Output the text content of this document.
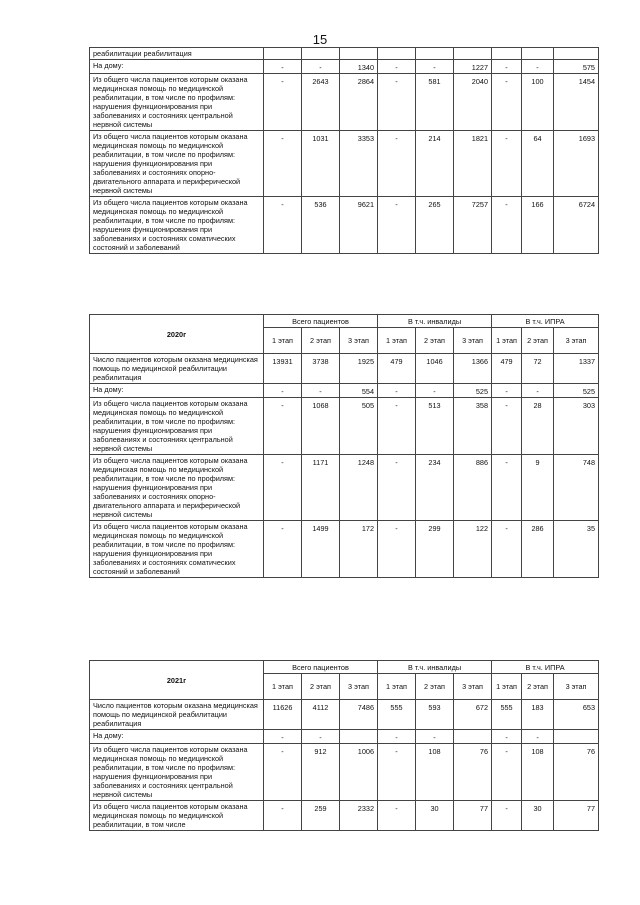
15
реабилитации реабилитация									
На дому:	-	-	1340	-	-	1227	-	-	575
Из общего числа пациентов которым оказана медицинская помощь по медицинской реабилитации, в том числе по профилям: нарушения функционирования при заболеваниях и состояниях центральной нервной системы	-	2643	2864	-	581	2040	-	100	1454
Из общего числа пациентов которым оказана медицинская помощь по медицинской реабилитации, в том числе по профилям: нарушения функционирования при заболеваниях и состояниях опорно-двигательного аппарата и периферической нервной системы	-	1031	3353	-	214	1821	-	64	1693
Из общего числа пациентов которым оказана медицинская помощь по медицинской реабилитации, в том числе по профилям: нарушения функционирования при заболеваниях и состояниях соматических состояний и заболеваний	-	536	9621	-	265	7257	-	166	6724
2020г	Всего пациентов			В т.ч. инвалиды			В т.ч. ИПРА		
	1 этап	2 этап	3 этап	1 этап	2 этап	3 этап	1 этап	2 этап	3 этап
Число пациентов которым оказана медицинская помощь по медицинской реабилитации реабилитация	13931	3738	1925	479	1046	1366	479	72	1337
На дому:	-	-	554	-	-	525	-	-	525
Из общего числа пациентов которым оказана медицинская помощь по медицинской реабилитации, в том числе по профилям: нарушения функционирования при заболеваниях и состояниях центральной нервной системы	-	1068	505	-	513	358	-	28	303
Из общего числа пациентов которым оказана медицинская помощь по медицинской реабилитации, в том числе по профилям: нарушения функционирования при заболеваниях и состояниях опорно-двигательного аппарата и периферической нервной системы	-	1171	1248	-	234	886	-	9	748
Из общего числа пациентов которым оказана медицинская помощь по медицинской реабилитации, в том числе по профилям: нарушения функционирования при заболеваниях и состояниях соматических состояний и заболеваний	-	1499	172	-	299	122	-	286	35
2021г	Всего пациентов			В т.ч. инвалиды			В т.ч. ИПРА		
	1 этап	2 этап	3 этап	1 этап	2 этап	3 этап	1 этап	2 этап	3 этап
Число пациентов которым оказана медицинская помощь по медицинской реабилитации реабилитация	11626	4112	7486	555	593	672	555	183	653
На дому:	-	-		-	-		-	-	
Из общего числа пациентов которым оказана медицинская помощь по медицинской реабилитации, в том числе по профилям: нарушения функционирования при заболеваниях и состояниях центральной нервной системы	-	912	1006	-	108	76	-	108	76
Из общего числа пациентов которым оказана медицинская помощь по медицинской реабилитации, в том числе	-	259	2332	-	30	77	-	30	77
